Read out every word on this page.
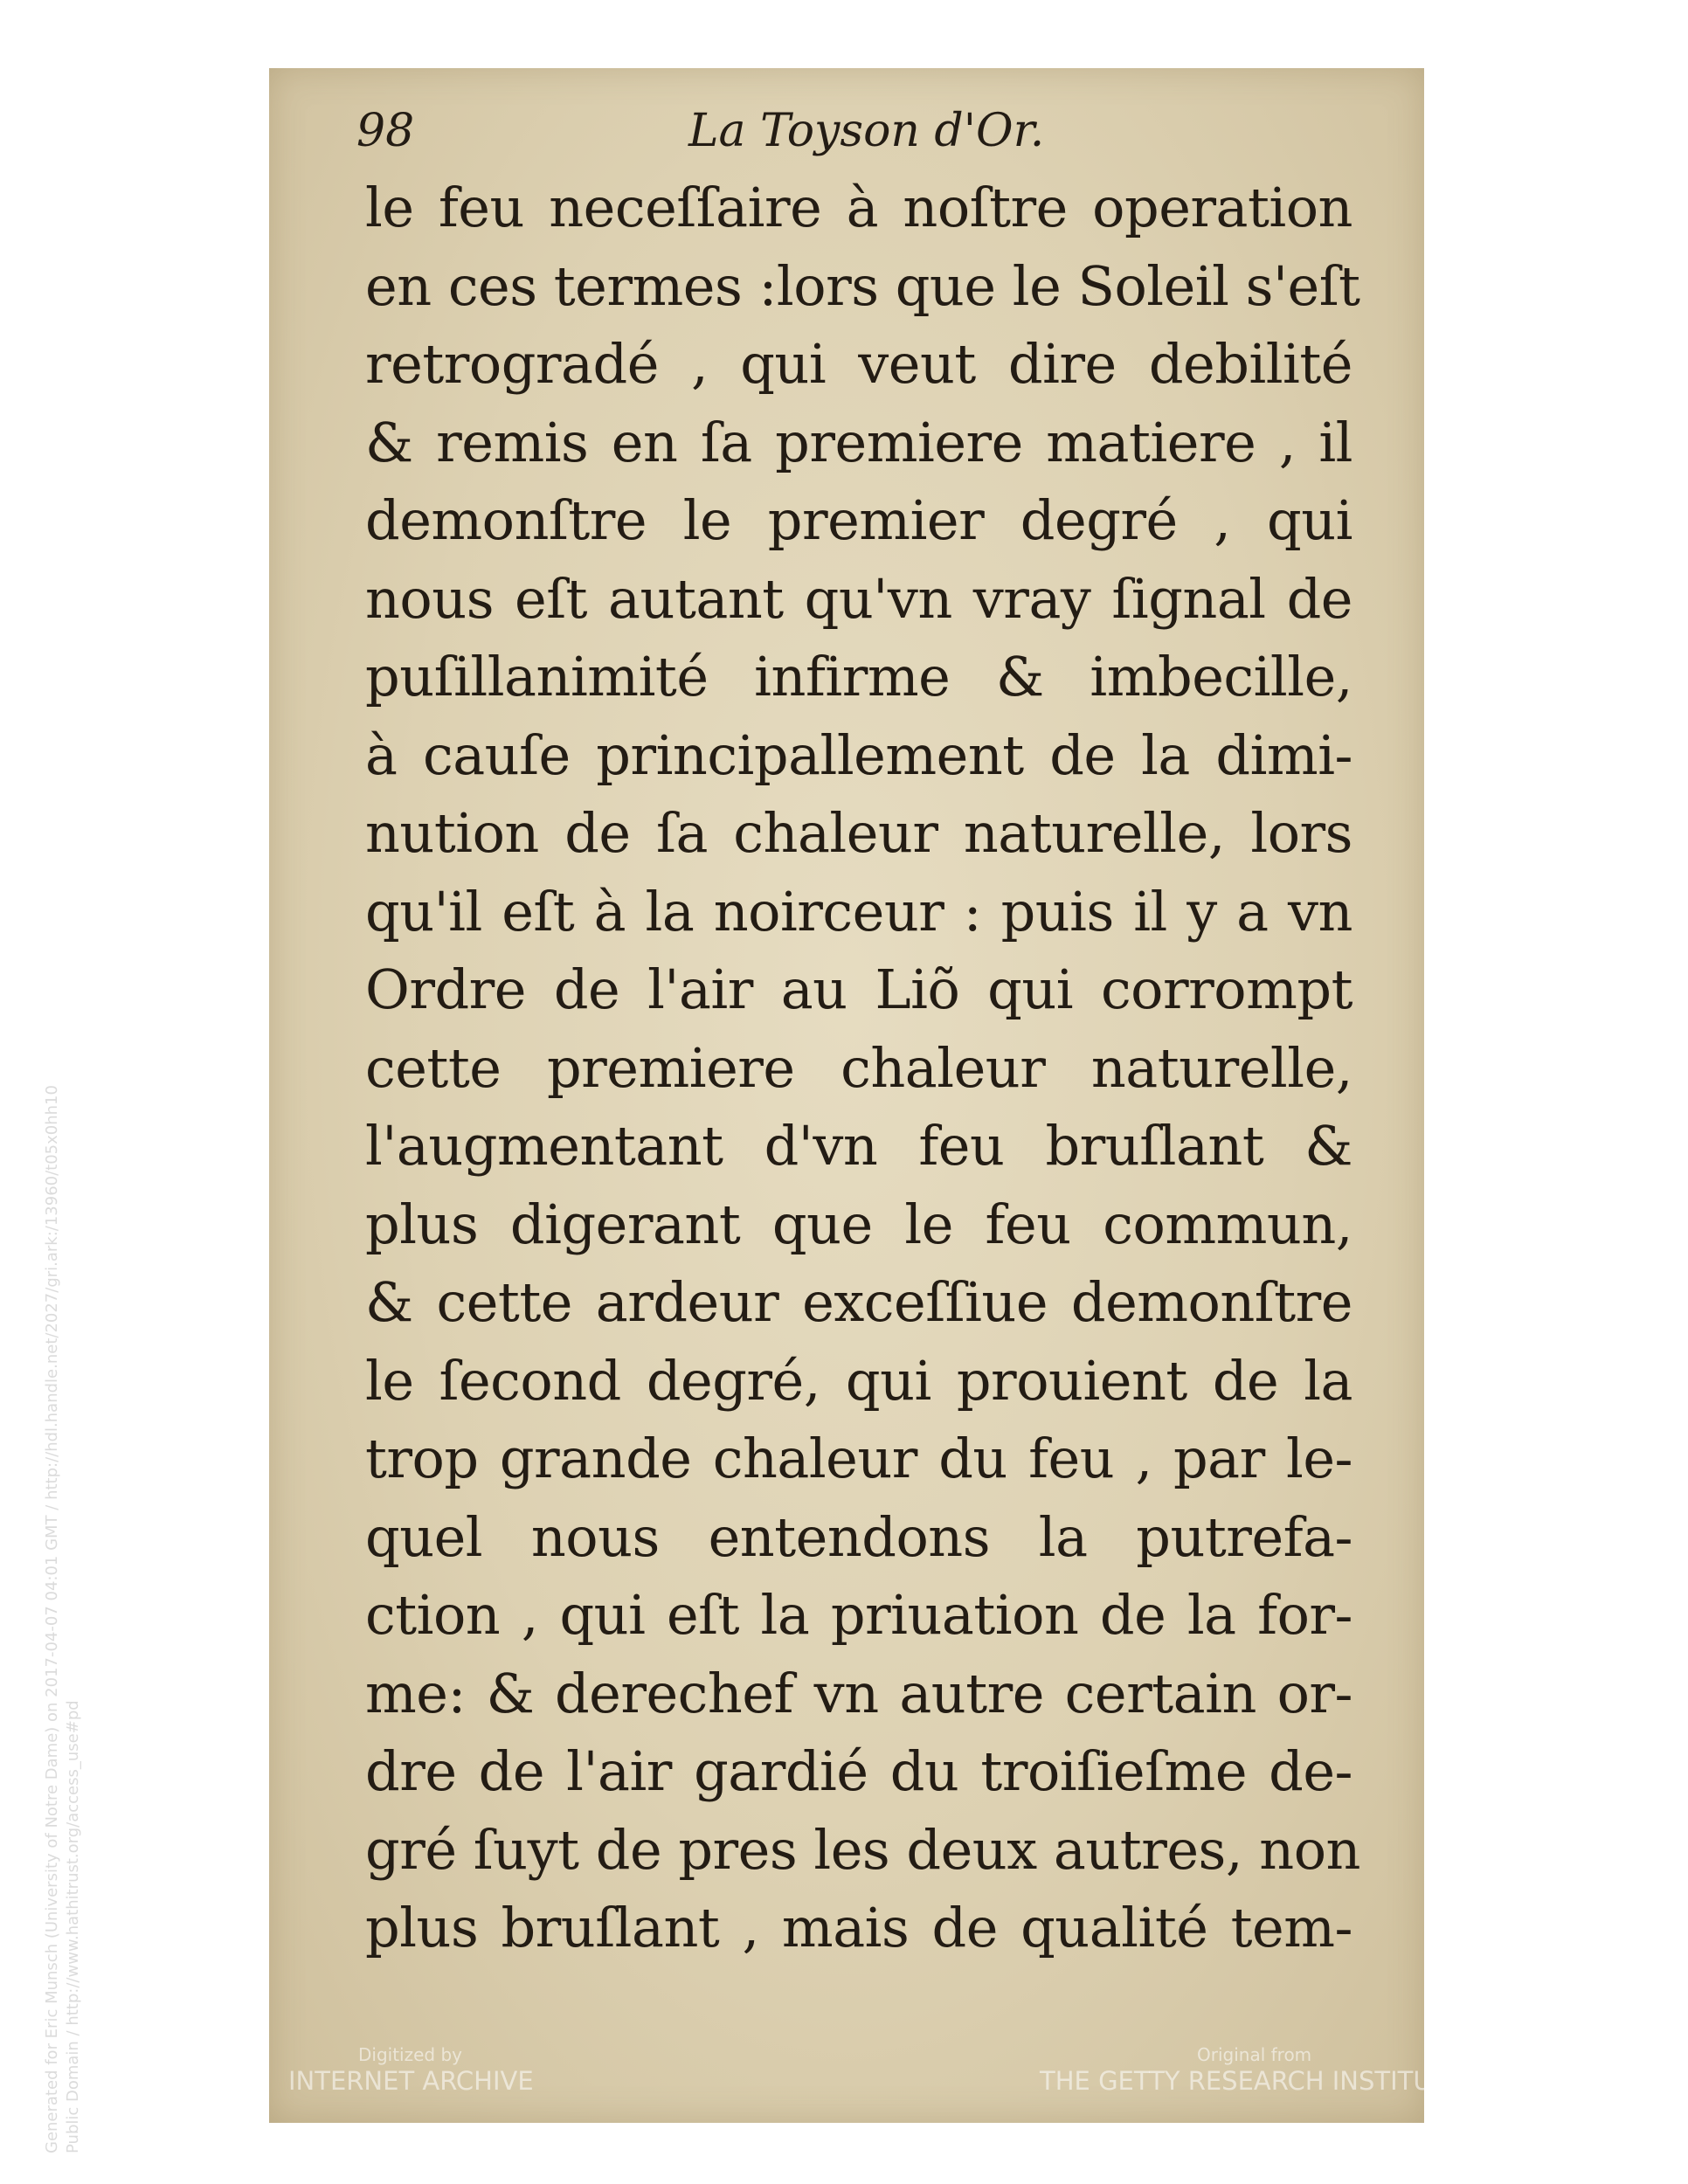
98	La Toyson d'Or.
le feu neceſſaire à noſtre operation
en ces termes :lors que le Soleil s'eſt
retrogradé , qui veut dire debilité
& remis en ſa premiere matiere , il
demonſtre le premier degré , qui
nous eſt autant qu'vn vray ſignal de
puſillanimité infirme & imbecille,
à cauſe principallement de la dimi-
nution de ſa chaleur naturelle, lors
qu'il eſt à la noirceur : puis il y a vn
Ordre de l'air au Liõ qui corrompt
cette premiere chaleur naturelle,
l'augmentant d'vn feu bruſlant &
plus digerant que le feu commun,
& cette ardeur exceſſiue demonſtre
le ſecond degré, qui prouient de la
trop grande chaleur du feu , par le-
quel nous entendons la putrefa-
ction , qui eſt la priuation de la for-
me: & derechef vn autre certain or-
dre de l'air gardié du troiſieſme de-
gré ſuyt de pres les deux autres, non
plus bruſlant , mais de qualité tem-
Digitized by
INTERNET ARCHIVE
Original from
THE GETTY RESEARCH INSTITUTE
Generated for Eric Munsch (University of Notre Dame) on 2017-04-07 04:01 GMT / http://hdl.handle.net/2027/gri.ark:/13960/t05x0hh10 Public Domain / http://www.hathitrust.org/access_use#pd
